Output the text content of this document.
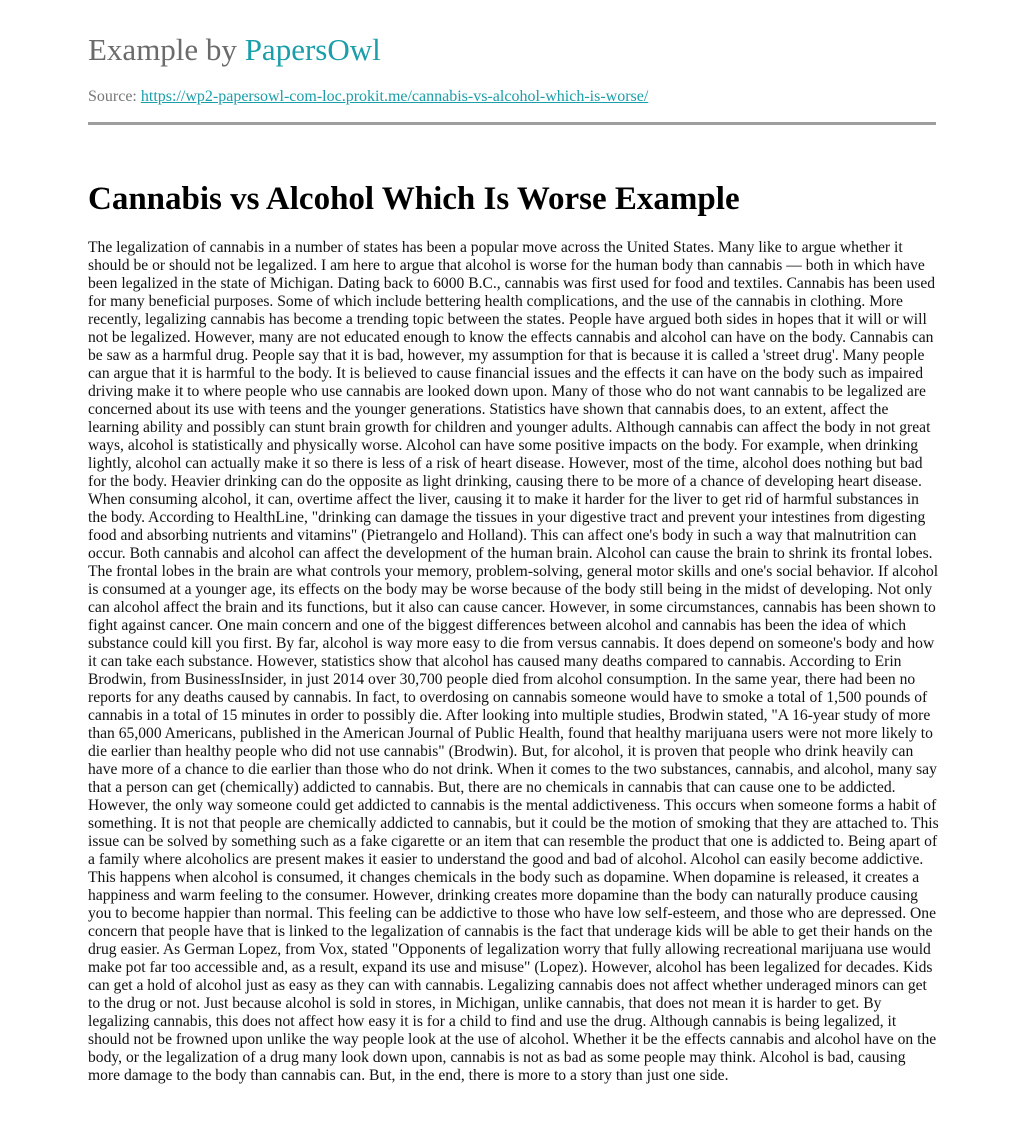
Example by PapersOwl
Source: https://wp2-papersowl-com-loc.prokit.me/cannabis-vs-alcohol-which-is-worse/
Cannabis vs Alcohol Which Is Worse Example

The legalization of cannabis in a number of states has been a popular move across the United States. Many like to argue whether it should be or should not be legalized. I am here to argue that alcohol is worse for the human body than cannabis — both in which have been legalized in the state of Michigan. Dating back to 6000 B.C., cannabis was first used for food and textiles. Cannabis has been used for many beneficial purposes. Some of which include bettering health complications, and the use of the cannabis in clothing. More recently, legalizing cannabis has become a trending topic between the states. People have argued both sides in hopes that it will or will not be legalized. However, many are not educated enough to know the effects cannabis and alcohol can have on the body. Cannabis can be saw as a harmful drug. People say that it is bad, however, my assumption for that is because it is called a 'street drug'. Many people can argue that it is harmful to the body. It is believed to cause financial issues and the effects it can have on the body such as impaired driving make it to where people who use cannabis are looked down upon. Many of those who do not want cannabis to be legalized are concerned about its use with teens and the younger generations. Statistics have shown that cannabis does, to an extent, affect the learning ability and possibly can stunt brain growth for children and younger adults. Although cannabis can affect the body in not great ways, alcohol is statistically and physically worse. Alcohol can have some positive impacts on the body. For example, when drinking lightly, alcohol can actually make it so there is less of a risk of heart disease. However, most of the time, alcohol does nothing but bad for the body. Heavier drinking can do the opposite as light drinking, causing there to be more of a chance of developing heart disease. When consuming alcohol, it can, overtime affect the liver, causing it to make it harder for the liver to get rid of harmful substances in the body. According to HealthLine, "drinking can damage the tissues in your digestive tract and prevent your intestines from digesting food and absorbing nutrients and vitamins" (Pietrangelo and Holland). This can affect one's body in such a way that malnutrition can occur. Both cannabis and alcohol can affect the development of the human brain. Alcohol can cause the brain to shrink its frontal lobes. The frontal lobes in the brain are what controls your memory, problem-solving, general motor skills and one's social behavior. If alcohol is consumed at a younger age, its effects on the body may be worse because of the body still being in the midst of developing. Not only can alcohol affect the brain and its functions, but it also can cause cancer. However, in some circumstances, cannabis has been shown to fight against cancer. One main concern and one of the biggest differences between alcohol and cannabis has been the idea of which substance could kill you first. By far, alcohol is way more easy to die from versus cannabis. It does depend on someone's body and how it can take each substance. However, statistics show that alcohol has caused many deaths compared to cannabis. According to Erin Brodwin, from BusinessInsider, in just 2014 over 30,700 people died from alcohol consumption. In the same year, there had been no reports for any deaths caused by cannabis. In fact, to overdosing on cannabis someone would have to smoke a total of 1,500 pounds of cannabis in a total of 15 minutes in order to possibly die. After looking into multiple studies, Brodwin stated, "A 16-year study of more than 65,000 Americans, published in the American Journal of Public Health, found that healthy marijuana users were not more likely to die earlier than healthy people who did not use cannabis" (Brodwin). But, for alcohol, it is proven that people who drink heavily can have more of a chance to die earlier than those who do not drink. When it comes to the two substances, cannabis, and alcohol, many say that a person can get (chemically) addicted to cannabis. But, there are no chemicals in cannabis that can cause one to be addicted. However, the only way someone could get addicted to cannabis is the mental addictiveness. This occurs when someone forms a habit of something. It is not that people are chemically addicted to cannabis, but it could be the motion of smoking that they are attached to. This issue can be solved by something such as a fake cigarette or an item that can resemble the product that one is addicted to. Being apart of a family where alcoholics are present makes it easier to understand the good and bad of alcohol. Alcohol can easily become addictive. This happens when alcohol is consumed, it changes chemicals in the body such as dopamine. When dopamine is released, it creates a happiness and warm feeling to the consumer. However, drinking creates more dopamine than the body can naturally produce causing you to become happier than normal. This feeling can be addictive to those who have low self-esteem, and those who are depressed. One concern that people have that is linked to the legalization of cannabis is the fact that underage kids will be able to get their hands on the drug easier. As German Lopez, from Vox, stated "Opponents of legalization worry that fully allowing recreational marijuana use would make pot far too accessible and, as a result, expand its use and misuse" (Lopez). However, alcohol has been legalized for decades. Kids can get a hold of alcohol just as easy as they can with cannabis. Legalizing cannabis does not affect whether underaged minors can get to the drug or not. Just because alcohol is sold in stores, in Michigan, unlike cannabis, that does not mean it is harder to get. By legalizing cannabis, this does not affect how easy it is for a child to find and use the drug. Although cannabis is being legalized, it should not be frowned upon unlike the way people look at the use of alcohol. Whether it be the effects cannabis and alcohol have on the body, or the legalization of a drug many look down upon, cannabis is not as bad as some people may think. Alcohol is bad, causing more damage to the body than cannabis can. But, in the end, there is more to a story than just one side.
